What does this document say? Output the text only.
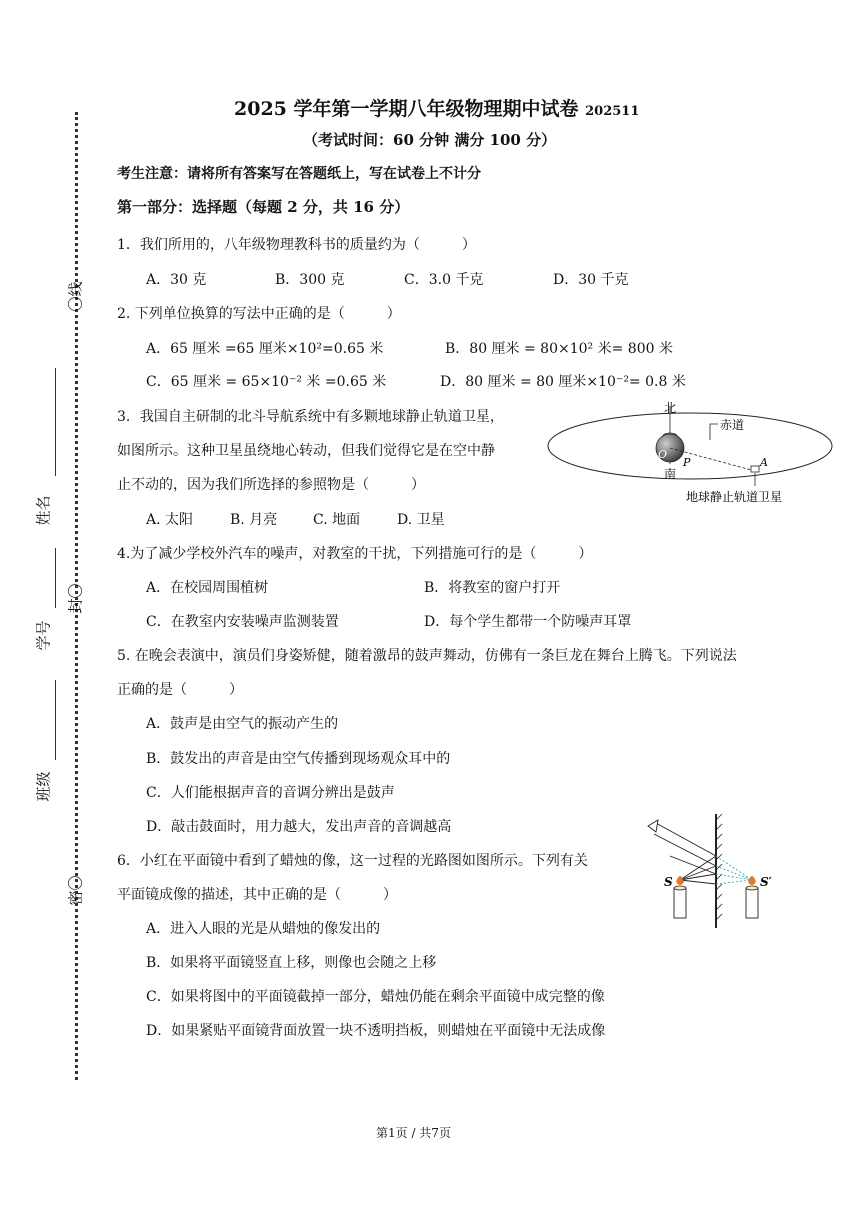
〇线
封〇
密〇
姓名
学号
班级
2025 学年第一学期八年级物理期中试卷 202511
（考试时间：60 分钟 满分 100 分）
考生注意：请将所有答案写在答题纸上，写在试卷上不计分
第一部分：选择题（每题 2 分，共 16 分）
1．我们所用的，八年级物理教科书的质量约为（　　　）
A．30 克	B．300 克	C．3.0 千克	D．30 千克
2. 下列单位换算的写法中正确的是（　　　）
A．65 厘米 =65 厘米×10²=0.65 米	B．80 厘米 = 80×10² 米= 800 米
C．65 厘米 = 65×10⁻² 米 =0.65 米	D．80 厘米 = 80 厘米×10⁻²= 0.8 米
3．我国自主研制的北斗导航系统中有多颗地球静止轨道卫星，
如图所示。这种卫星虽绕地心转动，但我们觉得它是在空中静
止不动的，因为我们所选择的参照物是（　　　）
A. 太阳	B. 月亮	C. 地面	D. 卫星
北
南
赤道
O
P	A
地球静止轨道卫星
4.为了减少学校外汽车的噪声，对教室的干扰，下列措施可行的是（　　　）
A．在校园周围植树	B．将教室的窗户打开
C．在教室内安装噪声监测装置	D．每个学生都带一个防噪声耳罩
5. 在晚会表演中，演员们身姿矫健，随着激昂的鼓声舞动，仿佛有一条巨龙在舞台上腾飞。下列说法
正确的是（　　　）
A．鼓声是由空气的振动产生的
B．鼓发出的声音是由空气传播到现场观众耳中的
C．人们能根据声音的音调分辨出是鼓声
D．敲击鼓面时，用力越大，发出声音的音调越高
6．小红在平面镜中看到了蜡烛的像，这一过程的光路图如图所示。下列有关
平面镜成像的描述，其中正确的是（　　　）
A．进入人眼的光是从蜡烛的像发出的
B．如果将平面镜竖直上移，则像也会随之上移
C．如果将图中的平面镜截掉一部分，蜡烛仍能在剩余平面镜中成完整的像
D．如果紧贴平面镜背面放置一块不透明挡板，则蜡烛在平面镜中无法成像
S	S′
第1页 / 共7页
